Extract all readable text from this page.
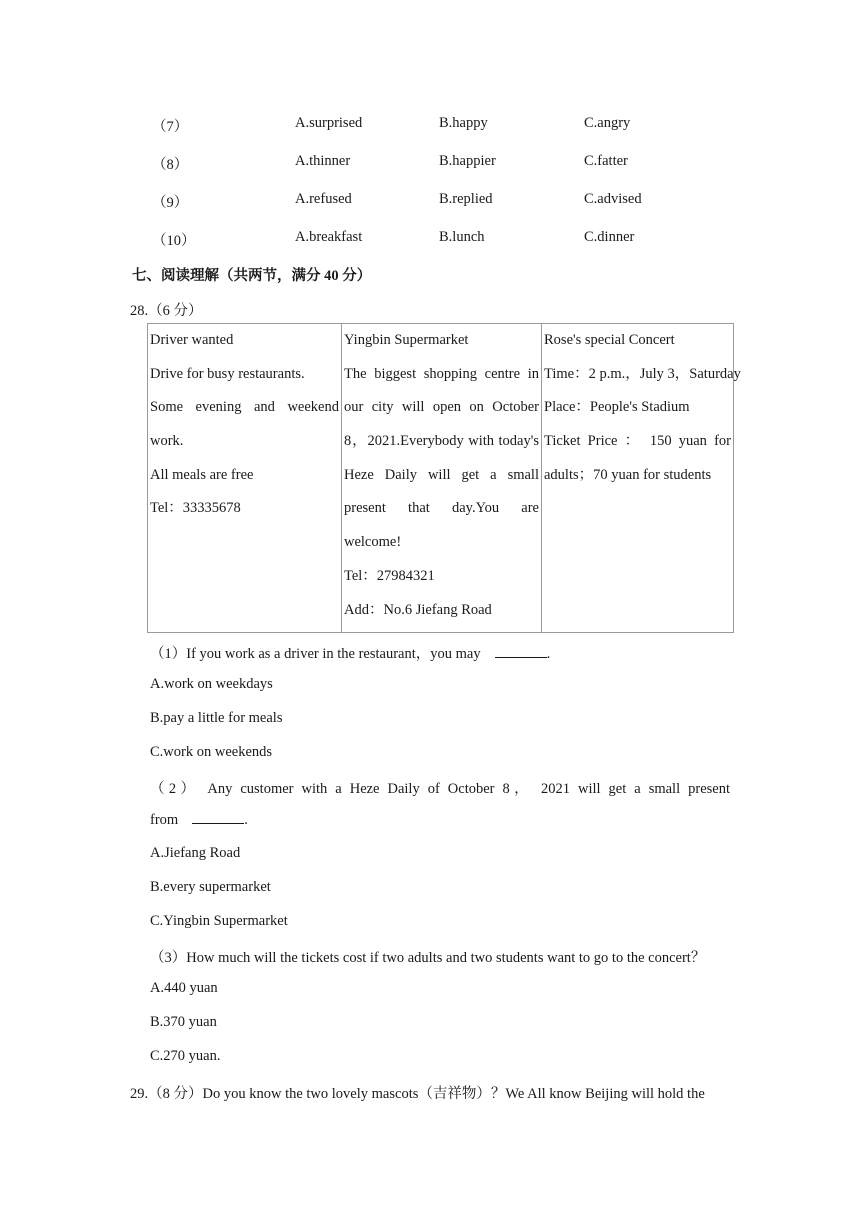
（7）	A.surprised	B.happy	C.angry
（8）	A.thinner	B.happier	C.fatter
（9）	A.refused	B.replied	C.advised
（10）	A.breakfast	B.lunch	C.dinner
七、阅读理解（共两节，满分 40 分）
28.（6 分）
Driver wanted
Drive for busy restaurants.
Some evening and weekend
work.
All meals are free
Tel：33335678

Yingbin Supermarket
The biggest shopping centre in
our city will open on October
8，2021.Everybody with today's
Heze Daily will get a small
present that day.You are
welcome!
Tel：27984321
Add：No.6 Jiefang Road

Rose's special Concert
Time：2 p.m.，July 3，Saturday
Place：People's Stadium
Ticket Price ： 150 yuan for
adults；70 yuan for students
（1）If you work as a driver in the restaurant，you may	.
A.work on weekdays
B.pay a little for meals
C.work on weekends
（2） Any customer with a Heze Daily of October 8， 2021 will get a small present
from	.
A.Jiefang Road
B.every supermarket
C.Yingbin Supermarket
（3）How much will the tickets cost if two adults and two students want to go to the concert？
A.440 yuan
B.370 yuan
C.270 yuan.
29.（8 分）Do you know the two lovely mascots（吉祥物）？We All know Beijing will hold the
